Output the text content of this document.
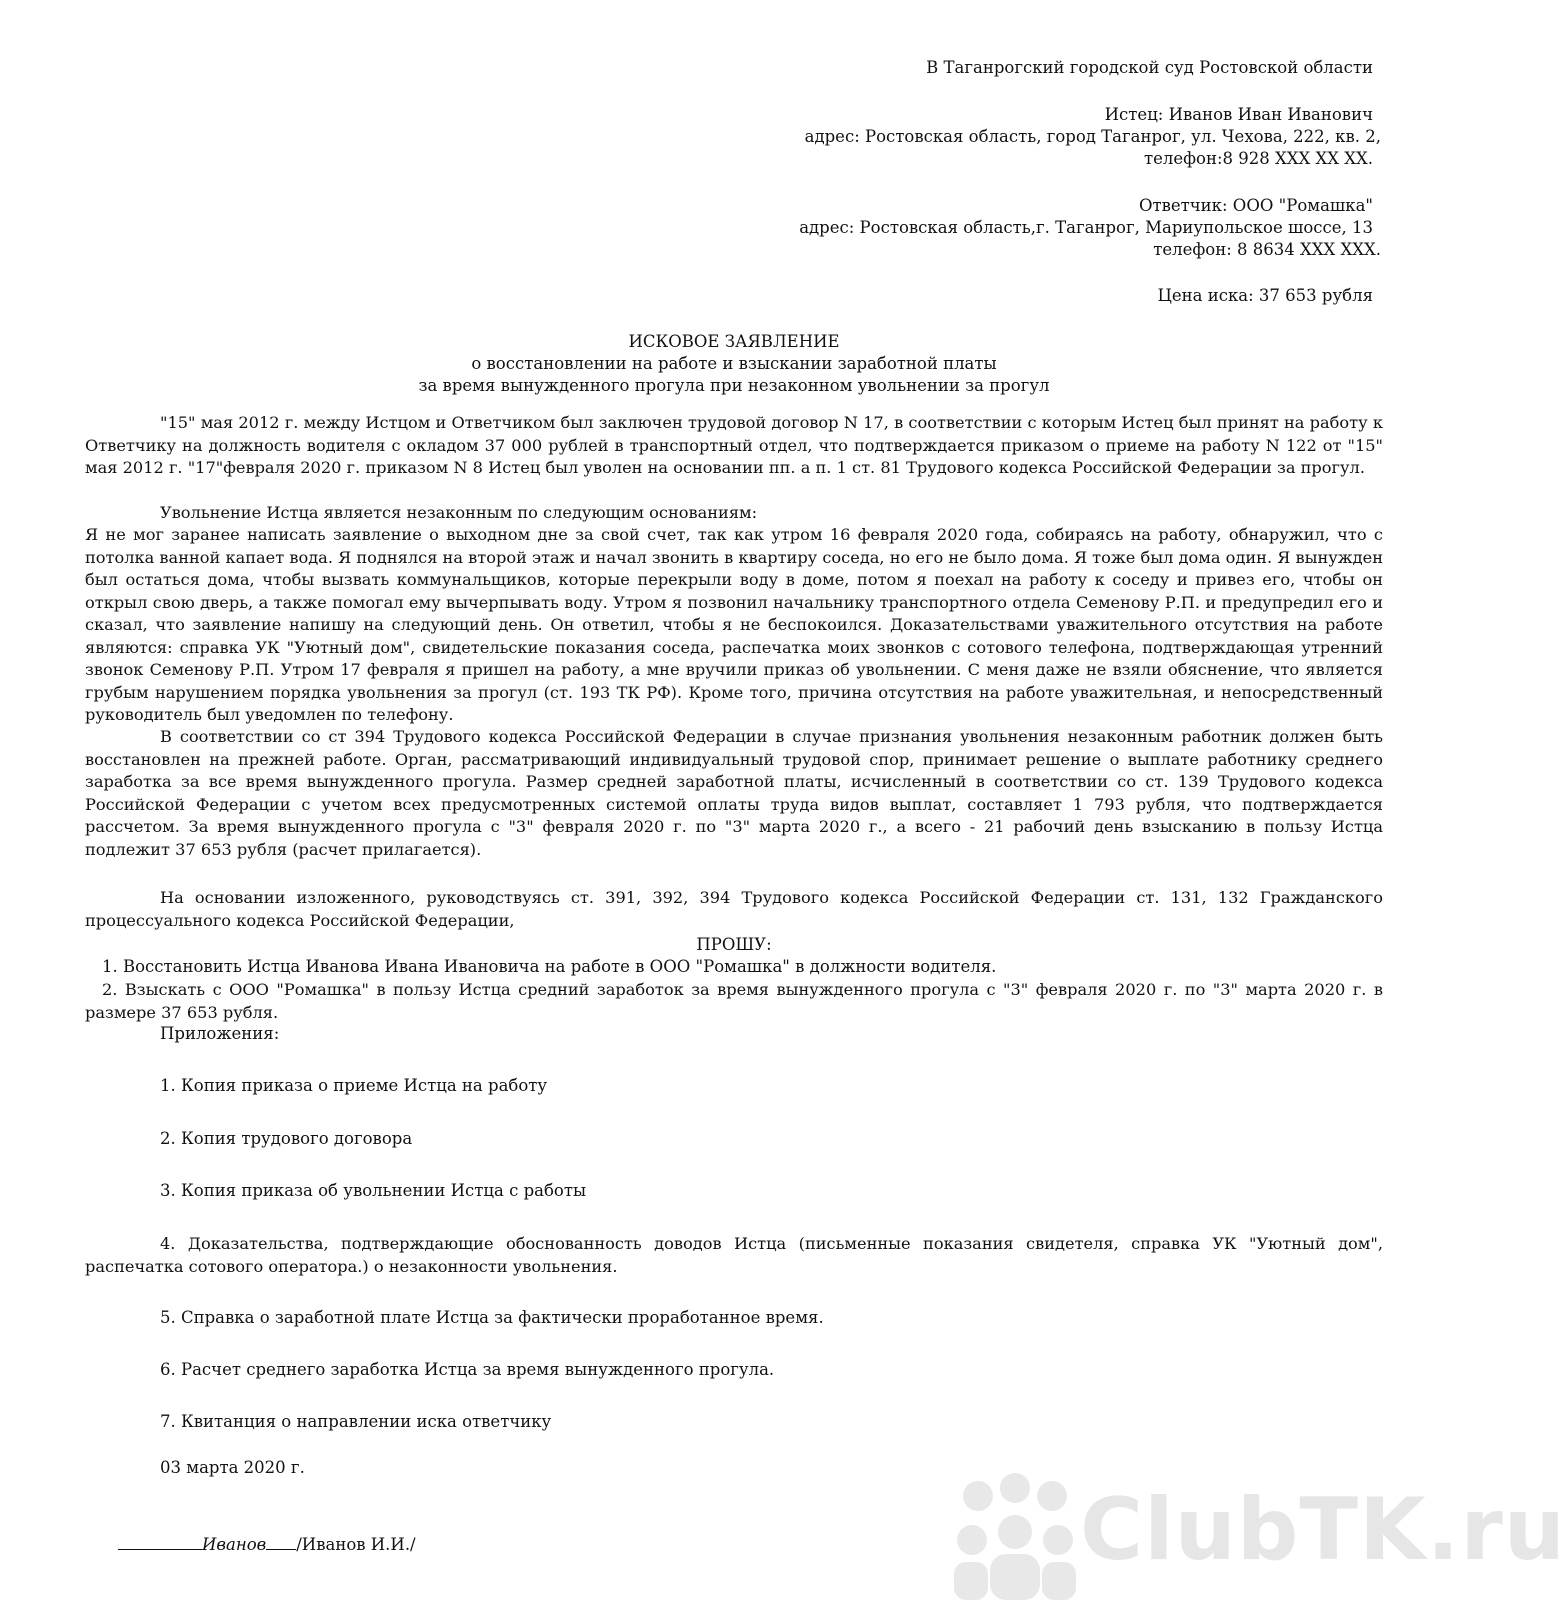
В Таганрогский городской суд Ростовской области
Истец: Иванов Иван Иванович
адрес: Ростовская область, город Таганрог, ул. Чехова, 222, кв. 2,
телефон:8 928 XXX XX XX.
Ответчик: ООО "Ромашка"
адрес: Ростовская область,г. Таганрог, Мариупольское шоссе, 13
телефон: 8 8634 XXX XXX.
Цена иска: 37 653 рубля
ИСКОВОЕ ЗАЯВЛЕНИЕ
о восстановлении на работе и взыскании заработной платы
за время вынужденного прогула при незаконном увольнении за прогул
"15" мая 2012 г. между Истцом и Ответчиком был заключен трудовой договор N 17, в соответствии с которым Истец был принят на работу к Ответчику на должность водителя с окладом 37 000 рублей в транспортный отдел, что подтверждается приказом о приеме на работу N 122 от "15" мая 2012 г. "17"февраля 2020 г. приказом N 8 Истец был уволен на основании пп. а п. 1 ст. 81 Трудового кодекса Российской Федерации за прогул.
Увольнение Истца является незаконным по следующим основаниям:
Я не мог заранее написать заявление о выходном дне за свой счет, так как утром 16 февраля 2020 года, собираясь на работу, обнаружил, что с потолка ванной капает вода. Я поднялся на второй этаж и начал звонить в квартиру соседа, но его не было дома. Я тоже был дома один. Я вынужден был остаться дома, чтобы вызвать коммунальщиков, которые перекрыли воду в доме, потом я поехал на работу к соседу и привез его, чтобы он открыл свою дверь, а также помогал ему вычерпывать воду. Утром я позвонил начальнику транспортного отдела Семенову Р.П. и предупредил его и сказал, что заявление напишу на следующий день. Он ответил, чтобы я не беспокоился. Доказательствами уважительного отсутствия на работе являются: справка УК "Уютный дом", свидетельские показания соседа, распечатка моих звонков с сотового телефона, подтверждающая утренний звонок Семенову Р.П. Утром 17 февраля я пришел на работу, а мне вручили приказ об увольнении. С меня даже не взяли обяснение, что является грубым нарушением порядка увольнения за прогул (ст. 193 ТК РФ). Кроме того, причина отсутствия на работе уважительная, и непосредственный руководитель был уведомлен по телефону.
В соответствии со ст 394 Трудового кодекса Российской Федерации в случае признания увольнения незаконным работник должен быть восстановлен на прежней работе. Орган, рассматривающий индивидуальный трудовой спор, принимает решение о выплате работнику среднего заработка за все время вынужденного прогула. Размер средней заработной платы, исчисленный в соответствии со ст. 139 Трудового кодекса Российской Федерации с учетом всех предусмотренных системой оплаты труда видов выплат, составляет 1 793 рубля, что подтверждается рассчетом. За время вынужденного прогула с "3" февраля 2020 г. по "3" марта 2020 г., а всего - 21 рабочий день взысканию в пользу Истца подлежит 37 653 рубля (расчет прилагается).
На основании изложенного, руководствуясь ст. 391, 392, 394 Трудового кодекса Российской Федерации ст. 131, 132 Гражданского процессуального кодекса Российской Федерации,
ПРОШУ:
1. Восстановить Истца Иванова Ивана Ивановича на работе в ООО "Ромашка" в должности водителя.
2. Взыскать с ООО "Ромашка" в пользу Истца средний заработок за время вынужденного прогула с "3" февраля 2020 г. по "3" марта 2020 г. в размере 37 653 рубля.
Приложения:
1. Копия приказа о приеме Истца на работу
2. Копия трудового договора
3. Копия приказа об увольнении Истца с работы
4. Доказательства, подтверждающие обоснованность доводов Истца (письменные показания свидетеля, справка УК "Уютный дом", распечатка сотового оператора.) о незаконности увольнения.
5. Справка о заработной плате Истца за фактически проработанное время.
6. Расчет среднего заработка Истца за время вынужденного прогула.
7. Квитанция о направлении иска ответчику
03 марта 2020 г.
Иванов /Иванов И.И./	ClubTK.ru
